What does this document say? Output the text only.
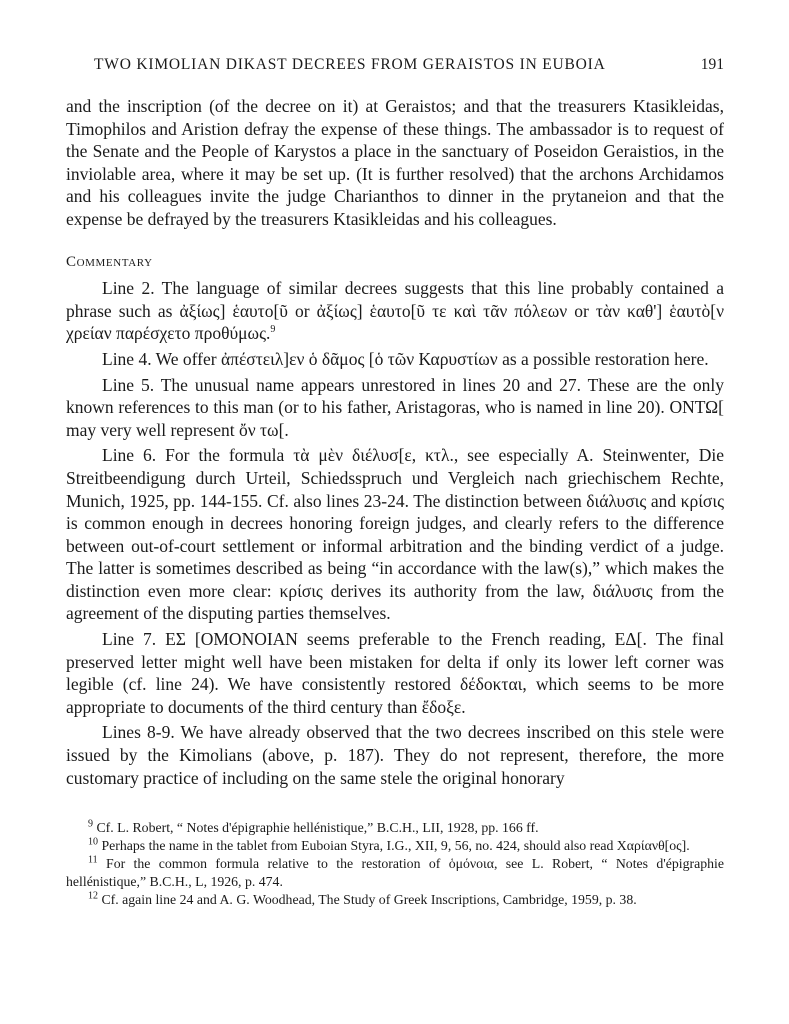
TWO KIMOLIAN DIKAST DECREES FROM GERAISTOS IN EUBOIA	191

and the inscription (of the decree on it) at Geraistos; and that the treasurers Ktasikleidas, Timophilos and Aristion defray the expense of these things. The ambassador is to request of the Senate and the People of Karystos a place in the sanctuary of Poseidon Geraistios, in the inviolable area, where it may be set up. (It is further resolved) that the archons Archidamos and his colleagues invite the judge Charianthos to dinner in the prytaneion and that the expense be defrayed by the treasurers Ktasikleidas and his colleagues.

Commentary

Line 2. The language of similar decrees suggests that this line probably contained a phrase such as ἀξίως] ἑαυτο[ῦ or ἀξίως] ἑαυτο[ῦ τε καὶ τᾶν πόλεων or τὰν καθ'] ἑαυτὸ[ν χρείαν παρέσχετο προθύμως.$^9$

Line 4. We offer ἀπέστειλ]εν ὁ δᾶμος [ὁ τῶν Καρυστίων as a possible restoration here.

Line 5. The unusual name appears unrestored in lines 20 and 27. These are the only known references to this man (or to his father, Aristagoras, who is named in line 20). ΟΝΤΩ[ may very well represent ὄν τω[.

Line 6. For the formula τὰ μὲν διέλυσ[ε, κτλ., see especially A. Steinwenter, Die Streitbeendigung durch Urteil, Schiedsspruch und Vergleich nach griechischem Rechte, Munich, 1925, pp. 144-155. Cf. also lines 23-24. The distinction between διάλυσις and κρίσις is common enough in decrees honoring foreign judges, and clearly refers to the difference between out-of-court settlement or informal arbitration and the binding verdict of a judge. The latter is sometimes described as being “in accordance with the law(s),” which makes the distinction even more clear: κρίσις derives its authority from the law, διάλυσις from the agreement of the disputing parties themselves.

Line 7. ΕΣ [ΟΜΟΝΟΙΑΝ seems preferable to the French reading, ΕΔ[. The final preserved letter might well have been mistaken for delta if only its lower left corner was legible (cf. line 24). We have consistently restored δέδοκται, which seems to be more appropriate to documents of the third century than ἔδοξε.

Lines 8-9. We have already observed that the two decrees inscribed on this stele were issued by the Kimolians (above, p. 187). They do not represent, therefore, the more customary practice of including on the same stele the original honorary

$^9$ Cf. L. Robert, “ Notes d'épigraphie hellénistique,” B.C.H., LII, 1928, pp. 166 ff.

$^{10}$ Perhaps the name in the tablet from Euboian Styra, I.G., XII, 9, 56, no. 424, should also read Χαρίανθ[ος].

$^{11}$ For the common formula relative to the restoration of ὁμόνοια, see L. Robert, “ Notes d'épigraphie hellénistique,” B.C.H., L, 1926, p. 474.

$^{12}$ Cf. again line 24 and A. G. Woodhead, The Study of Greek Inscriptions, Cambridge, 1959, p. 38.
